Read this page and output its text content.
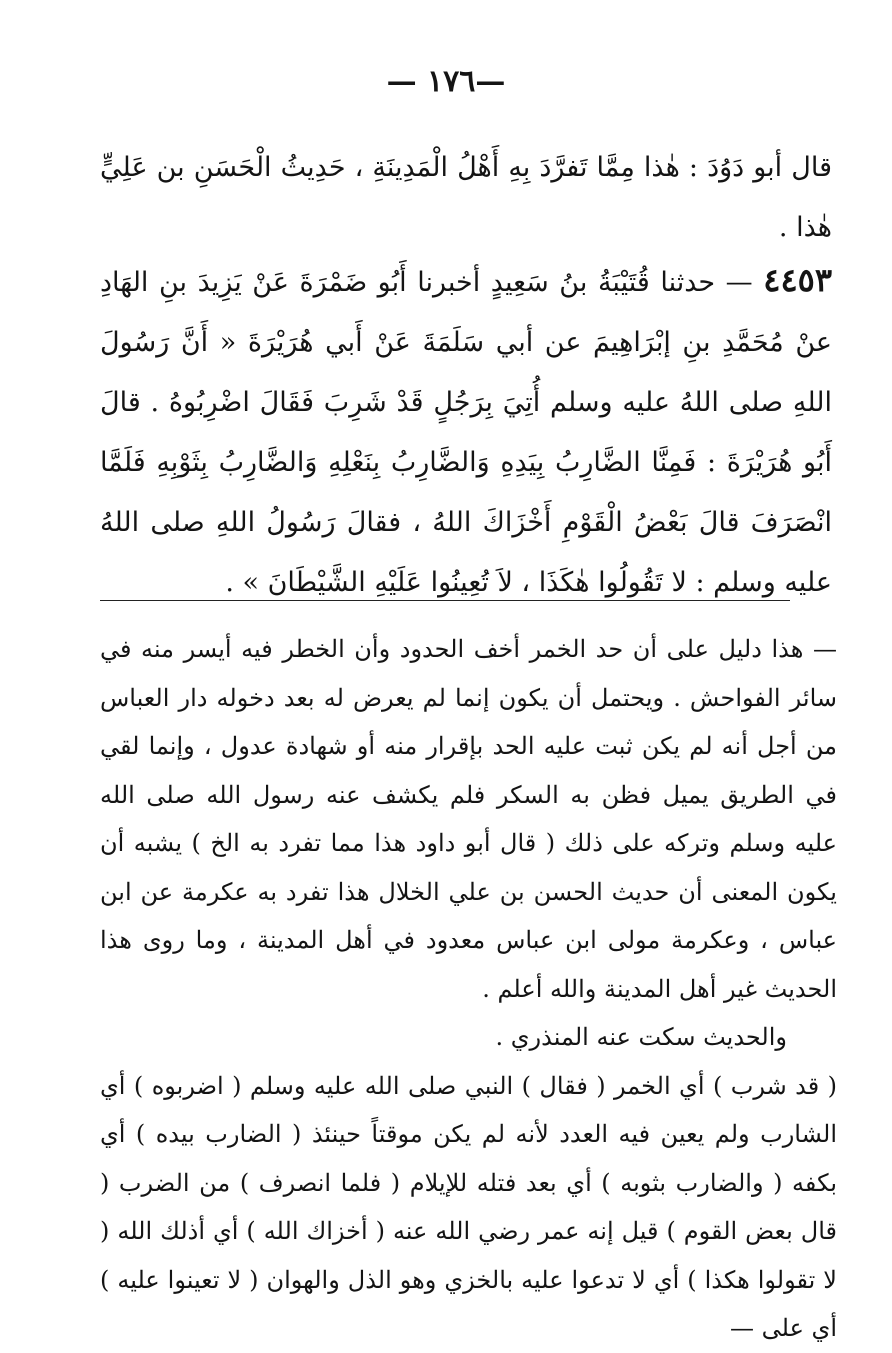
—١٧٦ —
قال أبو دَوُدَ : هٰذا مِمَّا تَفرَّدَ بِهِ أَهْلُ الْمَدِينَةِ ، حَدِيثُ الْحَسَنِ بن عَلِيٍّ هٰذا .
٤٤٥٣ — حدثنا قُتَيْبَةُ بنُ سَعِيدٍ أخبرنا أَبُو ضَمْرَةَ عَنْ يَزِيدَ بنِ الهَادِ عنْ مُحَمَّدِ بنِ إبْرَاهِيمَ عن أبي سَلَمَةَ عَنْ أَبي هُرَيْرَةَ « أَنَّ رَسُولَ اللهِ صلى اللهُ عليه وسلم أُتِيَ بِرَجُلٍ قَدْ شَرِبَ فَقَالَ اضْرِبُوهُ . قالَ أَبُو هُرَيْرَةَ : فَمِنَّا الضَّارِبُ بِيَدِهِ وَالضَّارِبُ بِنَعْلِهِ وَالضَّارِبُ بِثَوْبِهِ فَلَمَّا انْصَرَفَ قالَ بَعْضُ الْقَوْمِ أَخْزَاكَ اللهُ ، فقالَ رَسُولُ اللهِ صلى اللهُ عليه وسلم : لا تَقُولُوا هٰكَذَا ، لاَ تُعِينُوا عَلَيْهِ الشَّيْطَانَ » .

— هذا دليل على أن حد الخمر أخف الحدود وأن الخطر فيه أيسر منه في سائر الفواحش . ويحتمل أن يكون إنما لم يعرض له بعد دخوله دار العباس من أجل أنه لم يكن ثبت عليه الحد بإقرار منه أو شهادة عدول ، وإنما لقي في الطريق يميل فظن به السكر فلم يكشف عنه رسول الله صلى الله عليه وسلم وتركه على ذلك ( قال أبو داود هذا مما تفرد به الخ ) يشبه أن يكون المعنى أن حديث الحسن بن علي الخلال هذا تفرد به عكرمة عن ابن عباس ، وعكرمة مولى ابن عباس معدود في أهل المدينة ، وما روى هذا الحديث غير أهل المدينة والله أعلم .

والحديث سكت عنه المنذري .

( قد شرب ) أي الخمر ( فقال ) النبي صلى الله عليه وسلم ( اضربوه ) أي الشارب ولم يعين فيه العدد لأنه لم يكن موقتاً حينئذ ( الضارب بيده ) أي بكفه ( والضارب بثوبه ) أي بعد فتله للإيلام ( فلما انصرف ) من الضرب ( قال بعض القوم ) قيل إنه عمر رضي الله عنه ( أخزاك الله ) أي أذلك الله ( لا تقولوا هكذا ) أي لا تدعوا عليه بالخزي وهو الذل والهوان ( لا تعينوا عليه ) أي على —
